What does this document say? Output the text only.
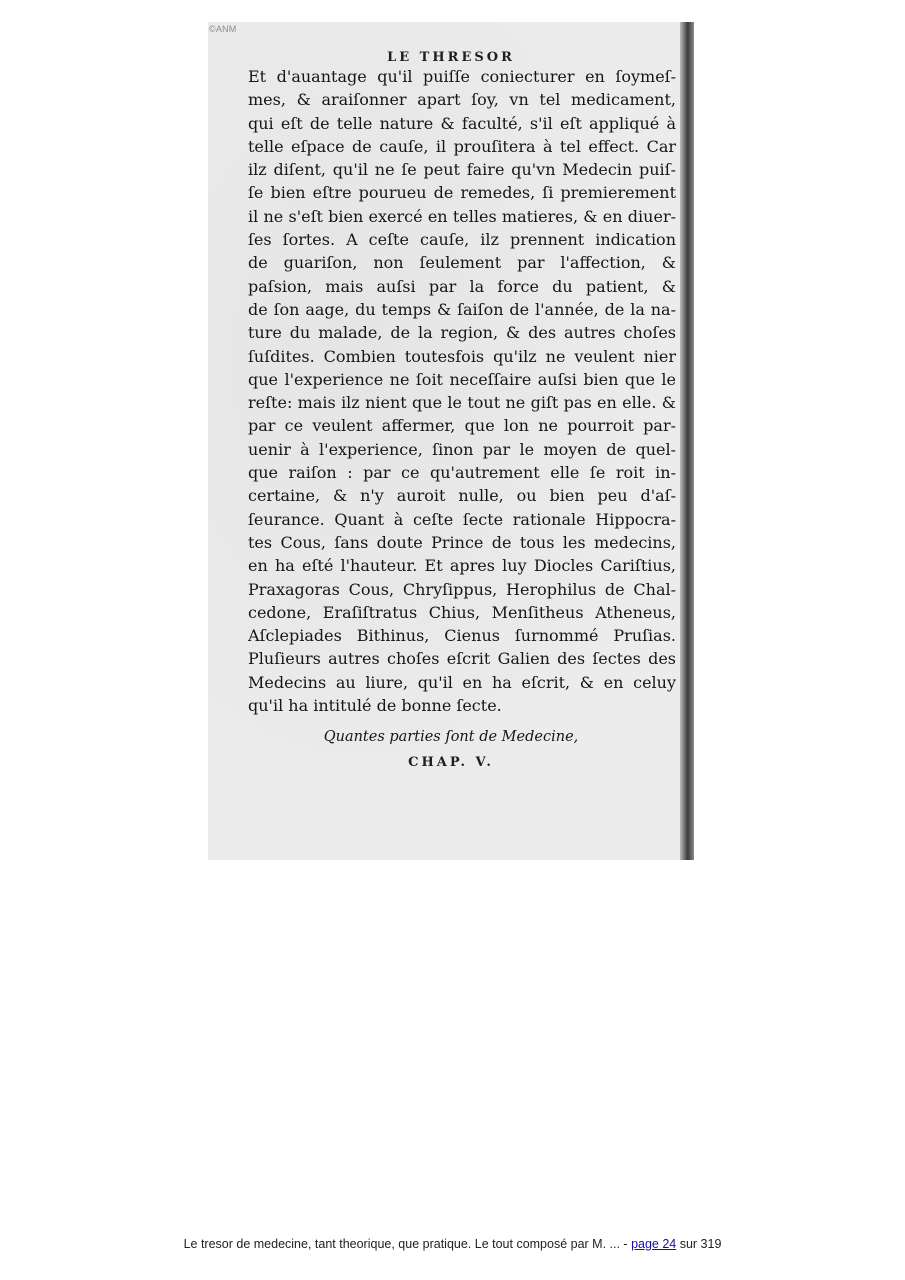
©ANM
LE THRESOR
Et d'auantage qu'il puiſſe coniecturer en ſoymeſ-
mes, & araiſonner apart ſoy, vn tel medicament,
qui eſt de telle nature & faculté, s'il eſt appliqué à
telle eſpace de cauſe, il prouſitera à tel effect. Car
ilz diſent, qu'il ne ſe peut faire qu'vn Medecin puiſ-
ſe bien eſtre pourueu de remedes, ſi premierement
il ne s'eſt bien exercé en telles matieres, & en diuer-
ſes ſortes. A ceſte cauſe, ilz prennent indication
de guariſon, non ſeulement par l'affection, &
paſsion, mais auſsi par la force du patient, &
de ſon aage, du temps & ſaiſon de l'année, de la na-
ture du malade, de la region, & des autres choſes
ſuſdites. Combien toutesfois qu'ilz ne veulent nier
que l'experience ne ſoit neceſſaire auſsi bien que le
reſte: mais ilz nient que le tout ne giſt pas en elle. &
par ce veulent affermer, que lon ne pourroit par-
uenir à l'experience, ſinon par le moyen de quel-
que raiſon : par ce qu'autrement elle ſe roit in-
certaine, & n'y auroit nulle, ou bien peu d'aſ-
ſeurance. Quant à ceſte ſecte rationale Hippocra-
tes Cous, ſans doute Prince de tous les medecins,
en ha eſté l'hauteur. Et apres luy Diocles Cariſtius,
Praxagoras Cous, Chryſippus, Herophilus de Chal-
cedone, Eraſiſtratus Chius, Menſitheus Atheneus,
Aſclepiades Bithinus, Cienus ſurnommé Pruſias.
Pluſieurs autres choſes eſcrit Galien des ſectes des
Medecins au liure, qu'il en ha eſcrit, & en celuy
qu'il ha intitulé de bonne ſecte.
Quantes parties ſont de Medecine,
CHAP. V.
Le tresor de medecine, tant theorique, que pratique. Le tout composé par M. ... - page 24 sur 319
